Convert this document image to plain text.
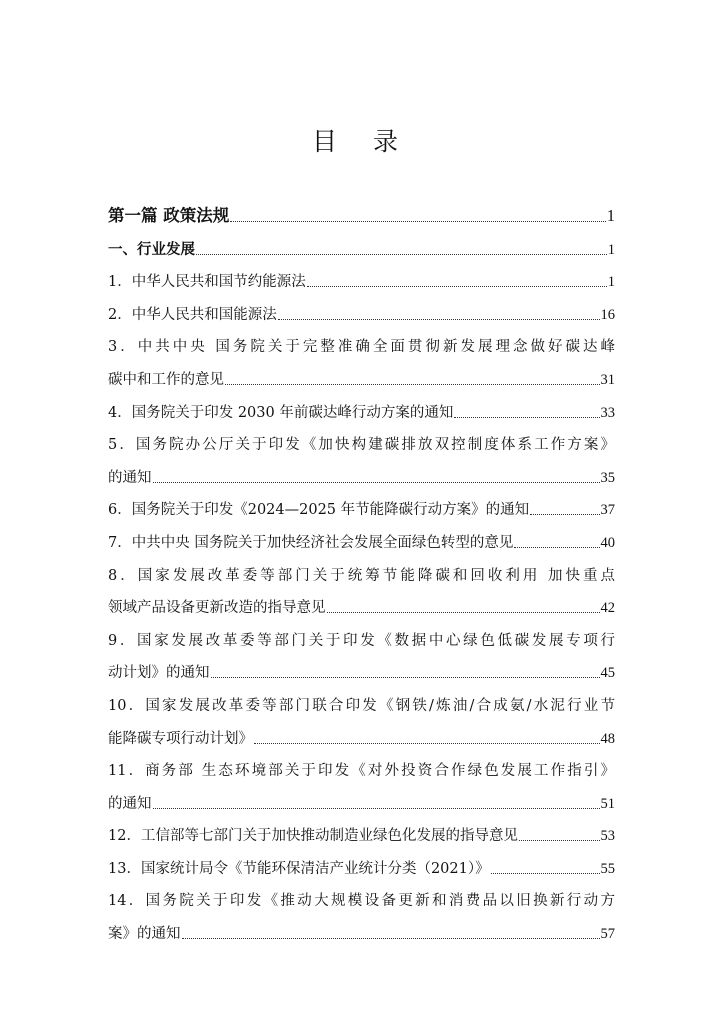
目 录
第一篇 政策法规	1
一、行业发展	1
1．中华人民共和国节约能源法	1
2．中华人民共和国能源法	16
3．中共中央 国务院关于完整准确全面贯彻新发展理念做好碳达峰
碳中和工作的意见	31
4．国务院关于印发 2030 年前碳达峰行动方案的通知	33
5．国务院办公厅关于印发《加快构建碳排放双控制度体系工作方案》
的通知	35
6．国务院关于印发《2024—2025 年节能降碳行动方案》的通知	37
7．中共中央 国务院关于加快经济社会发展全面绿色转型的意见	40
8．国家发展改革委等部门关于统筹节能降碳和回收利用 加快重点
领域产品设备更新改造的指导意见	42
9．国家发展改革委等部门关于印发《数据中心绿色低碳发展专项行
动计划》的通知	45
10．国家发展改革委等部门联合印发《钢铁/炼油/合成氨/水泥行业节
能降碳专项行动计划》	48
11．商务部 生态环境部关于印发《对外投资合作绿色发展工作指引》
的通知	51
12．工信部等七部门关于加快推动制造业绿色化发展的指导意见	53
13．国家统计局令《节能环保清洁产业统计分类（2021）》	55
14．国务院关于印发《推动大规模设备更新和消费品以旧换新行动方
案》的通知	57
